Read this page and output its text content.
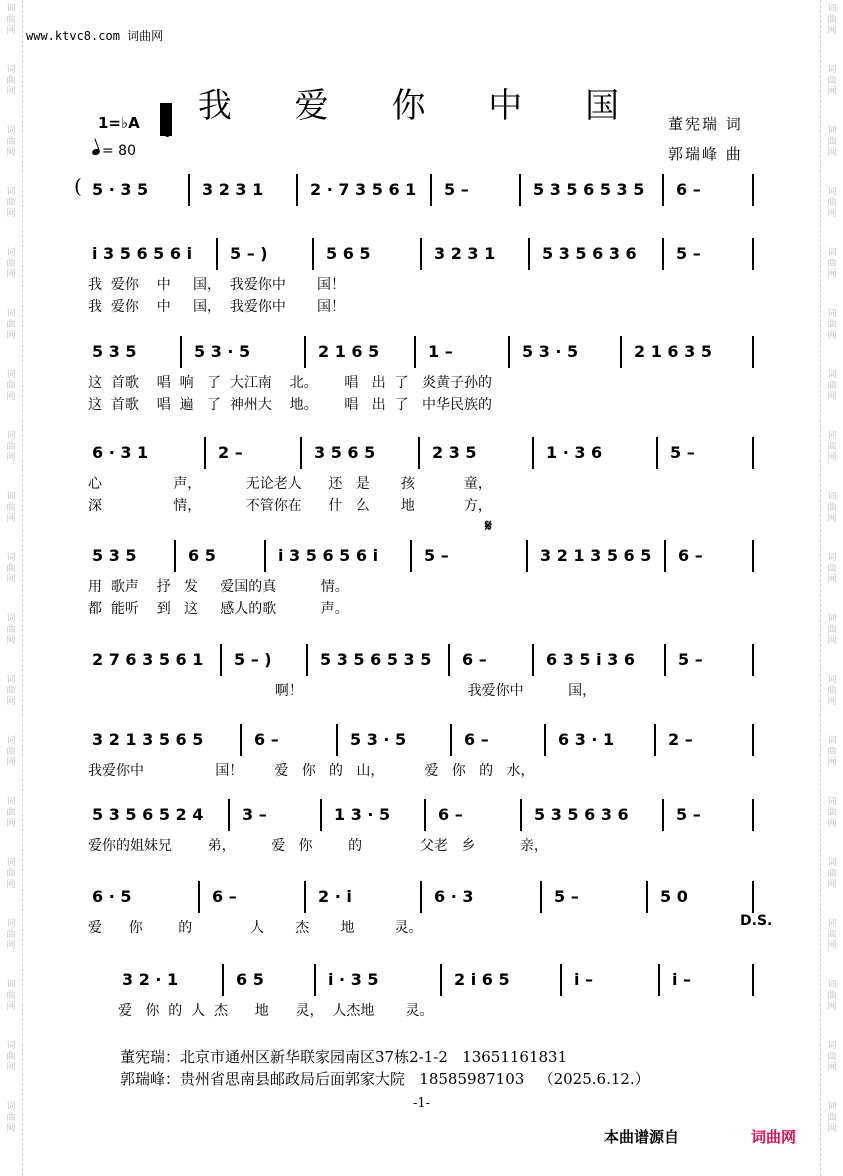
词
曲
网
词
曲
网
词
曲
网
词
曲
网
词
曲
网
词
曲
网
词
曲
网
词
曲
网
词
曲
网
词
曲
网
词
曲
网
词
曲
网
词
曲
网
词
曲
网
词
曲
网
词
曲
网
词
曲
网
词
曲
网
词
曲
网
词
曲
网
词
曲
网
词
曲
网
词
曲
网
词
曲
网
词
曲
网
词
曲
网
词
曲
网
词
曲
网
词
曲
网
词
曲
网
词
曲
网
词
曲
网
词
曲
网
词
曲
网
词
曲
网
词
曲
网
词
曲
网
词
曲
网
www.ktvc8.com 词曲网
我 爱 你 中 国
1=♭A
= 80
董宪瑞 词
郭瑞峰 曲
(
𝄋
D.S.
5 · 3 5	3 2 3 1	2 · 7 3 5 6 1 5 –	5 3 5 6 5 3 5 6 –
i 3 5 6 5 6 i 5 – )	5 6 5	3 2 3 1	5 3 5 6 3 6 5 –
我  爱你    中     国，  我爱你中       国！
我  爱你    中     国，  我爱你中       国！
5 3 5	5 3 · 5	2 1 6 5	1 –	5 3 · 5	2 1 6 3 5
这  首歌    唱  响   了  大江南    北。      唱   出  了   炎黄子孙的
这  首歌    唱  遍   了  神州大    地。      唱   出  了   中华民族的
6 · 3 1	2 –	3 5 6 5	2 3 5	1 · 3 6	5 –
心                声，          无论老人      还   是       孩           童，
深                情，          不管你在      什   么       地           方，
5 3 5	6 5	i 3 5 6 5 6 i	5 –	3 2 1 3 5 6 5 6 –
用  歌声    抒   发     爱国的真          情。
都  能听    到   这     感人的歌          声。
2 7 6 3 5 6 1 5 – )	5 3 5 6 5 3 5 6 –	6 3 5 i 3 6	5 –
啊！                                     我爱你中          国，
3 2 1 3 5 6 5	6 –	5 3 · 5	6 –	6 3 · 1	2 –
我爱你中                国！       爱   你   的   山，         爱   你   的   水，
5 3 5 6 5 2 4 3 –	1 3 · 5	6 –	5 3 5 6 3 6	5 –
爱你的姐妹兄        弟，        爱   你        的             父老   乡          亲，
6 · 5	6 –	2 · i	6 · 3	5 –	5 0
爱      你        的             人       杰       地         灵。
3 2 · 1	6 5	i · 3 5	2 i 6 5	i –	i –
爱   你  的  人  杰      地      灵，  人杰地       灵。
董宪瑞：北京市通州区新华联家园南区37栋2-1-2   13651161831
郭瑞峰：贵州省思南县邮政局后面郭家大院   18585987103   （2025.6.12.）
-1-
本曲谱源自	词曲网
